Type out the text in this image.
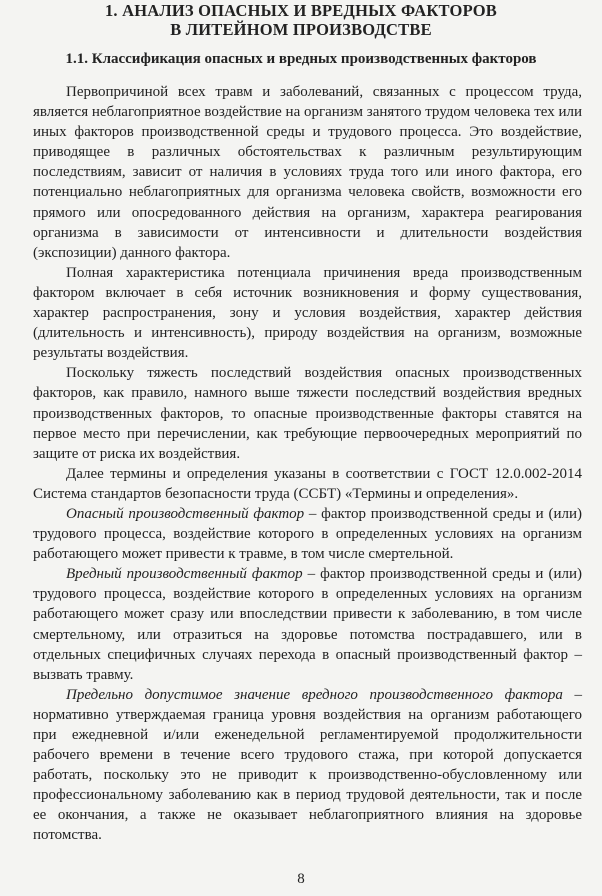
1. АНАЛИЗ ОПАСНЫХ И ВРЕДНЫХ ФАКТОРОВ
В ЛИТЕЙНОМ ПРОИЗВОДСТВЕ
1.1. Классификация опасных и вредных производственных факторов

Первопричиной всех травм и заболеваний, связанных с процессом труда, является неблагоприятное воздействие на организм занятого трудом человека тех или иных факторов производственной среды и трудового процесса. Это воздействие, приводящее в различных обстоятельствах к различным результирующим последствиям, зависит от наличия в условиях труда того или иного фактора, его потенциально неблагоприятных для организма человека свойств, возможности его прямого или опосредованного действия на организм, характера реагирования организма в зависимости от интенсивности и длительности воздействия (экспозиции) данного фактора.

Полная характеристика потенциала причинения вреда производственным фактором включает в себя источник возникновения и форму существования, характер распространения, зону и условия воздействия, характер действия (длительность и интенсивность), природу воздействия на организм, возможные результаты воздействия.

Поскольку тяжесть последствий воздействия опасных производственных факторов, как правило, намного выше тяжести последствий воздействия вредных производственных факторов, то опасные производственные факторы ставятся на первое место при перечислении, как требующие первоочередных мероприятий по защите от риска их воздействия.

Далее термины и определения указаны в соответствии с ГОСТ 12.0.002-2014 Система стандартов безопасности труда (ССБТ) «Термины и определения».

Опасный производственный фактор – фактор производственной среды и (или) трудового процесса, воздействие которого в определенных условиях на организм работающего может привести к травме, в том числе смертельной.

Вредный производственный фактор – фактор производственной среды и (или) трудового процесса, воздействие которого в определенных условиях на организм работающего может сразу или впоследствии привести к заболеванию, в том числе смертельному, или отразиться на здоровье потомства пострадавшего, или в отдельных специфичных случаях перехода в опасный производственный фактор – вызвать травму.

Предельно допустимое значение вредного производственного фактора – нормативно утверждаемая граница уровня воздействия на организм работающего при ежедневной и/или еженедельной регламентируемой продолжительности рабочего времени в течение всего трудового стажа, при которой допускается работать, поскольку это не приводит к производственно-обусловленному или профессиональному заболеванию как в период трудовой деятельности, так и после ее окончания, а также не оказывает неблагоприятного влияния на здоровье потомства.

8
